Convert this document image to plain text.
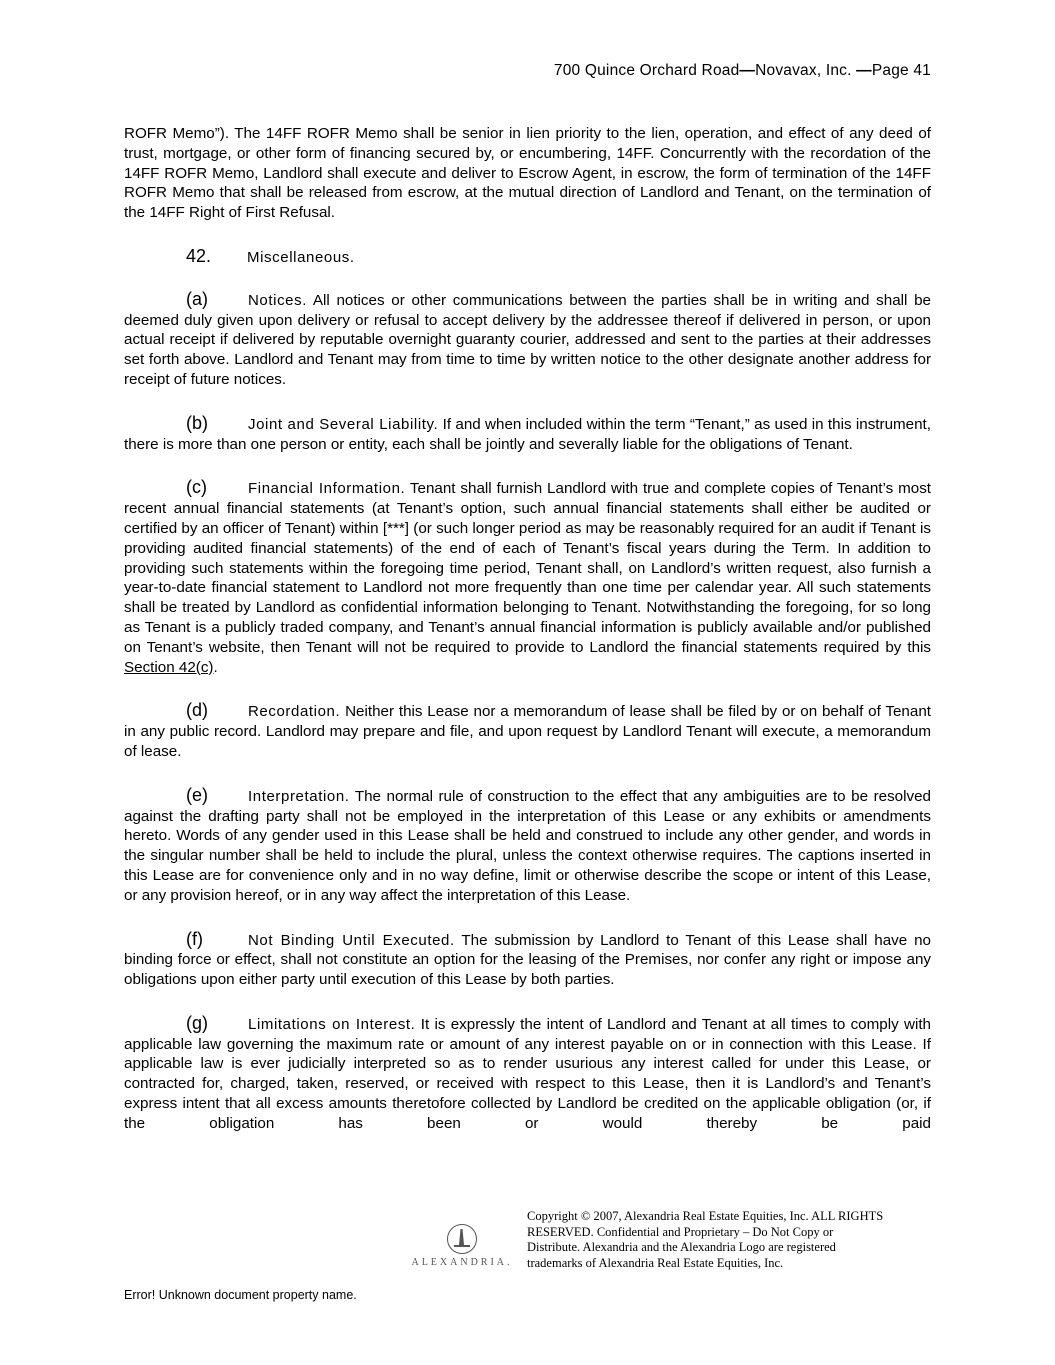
700 Quince Orchard Road—Novavax, Inc. —Page 41

ROFR Memo”). The 14FF ROFR Memo shall be senior in lien priority to the lien, operation, and effect of any deed of trust, mortgage, or other form of financing secured by, or encumbering, 14FF. Concurrently with the recordation of the 14FF ROFR Memo, Landlord shall execute and deliver to Escrow Agent, in escrow, the form of termination of the 14FF ROFR Memo that shall be released from escrow, at the mutual direction of Landlord and Tenant, on the termination of the 14FF Right of First Refusal.

42. Miscellaneous.

(a)	Notices. All notices or other communications between the parties shall be in writing and shall be deemed duly given upon delivery or refusal to accept delivery by the addressee thereof if delivered in person, or upon actual receipt if delivered by reputable overnight guaranty courier, addressed and sent to the parties at their addresses set forth above. Landlord and Tenant may from time to time by written notice to the other designate another address for receipt of future notices.

(b)	Joint and Several Liability. If and when included within the term “Tenant,” as used in this instrument, there is more than one person or entity, each shall be jointly and severally liable for the obligations of Tenant.

(c)	Financial Information. Tenant shall furnish Landlord with true and complete copies of Tenant’s most recent annual financial statements (at Tenant’s option, such annual financial statements shall either be audited or certified by an officer of Tenant) within [***] (or such longer period as may be reasonably required for an audit if Tenant is providing audited financial statements) of the end of each of Tenant’s fiscal years during the Term. In addition to providing such statements within the foregoing time period, Tenant shall, on Landlord’s written request, also furnish a year-to-date financial statement to Landlord not more frequently than one time per calendar year. All such statements shall be treated by Landlord as confidential information belonging to Tenant. Notwithstanding the foregoing, for so long as Tenant is a publicly traded company, and Tenant’s annual financial information is publicly available and/or published on Tenant’s website, then Tenant will not be required to provide to Landlord the financial statements required by this Section 42(c).

(d)	Recordation. Neither this Lease nor a memorandum of lease shall be filed by or on behalf of Tenant in any public record. Landlord may prepare and file, and upon request by Landlord Tenant will execute, a memorandum of lease.

(e)	Interpretation. The normal rule of construction to the effect that any ambiguities are to be resolved against the drafting party shall not be employed in the interpretation of this Lease or any exhibits or amendments hereto. Words of any gender used in this Lease shall be held and construed to include any other gender, and words in the singular number shall be held to include the plural, unless the context otherwise requires. The captions inserted in this Lease are for convenience only and in no way define, limit or otherwise describe the scope or intent of this Lease, or any provision hereof, or in any way affect the interpretation of this Lease.

(f)	Not Binding Until Executed. The submission by Landlord to Tenant of this Lease shall have no binding force or effect, shall not constitute an option for the leasing of the Premises, nor confer any right or impose any obligations upon either party until execution of this Lease by both parties.

(g)	Limitations on Interest. It is expressly the intent of Landlord and Tenant at all times to comply with applicable law governing the maximum rate or amount of any interest payable on or in connection with this Lease. If applicable law is ever judicially interpreted so as to render usurious any interest called for under this Lease, or contracted for, charged, taken, reserved, or received with respect to this Lease, then it is Landlord’s and Tenant’s express intent that all excess amounts theretofore collected by Landlord be credited on the applicable obligation (or, if the obligation has been or would thereby be paid

ALEXANDRIA.
Copyright © 2007, Alexandria Real Estate Equities, Inc. ALL RIGHTS RESERVED. Confidential and Proprietary – Do Not Copy or Distribute. Alexandria and the Alexandria Logo are registered trademarks of Alexandria Real Estate Equities, Inc.
Error! Unknown document property name.
